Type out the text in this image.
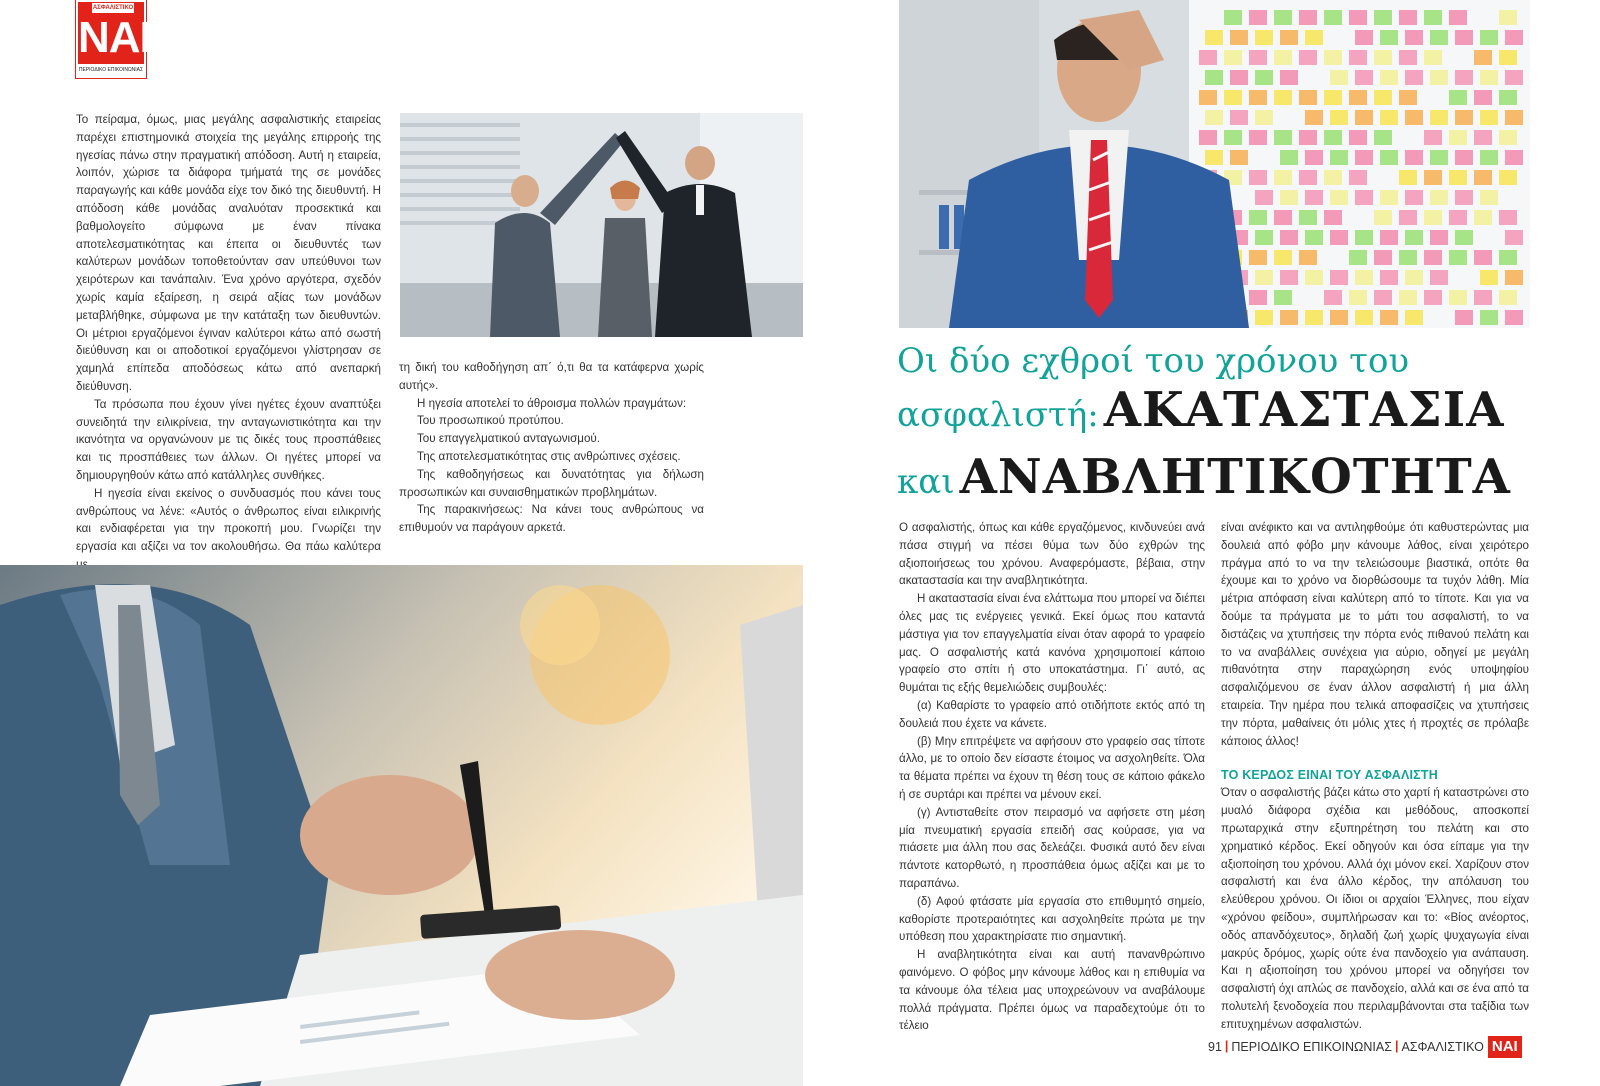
ΑΣΦΑΛΙΣΤΙΚΟ
ΝΑΙ
ΠΕΡΙΟΔΙΚΟ ΕΠΙΚΟΙΝΩΝΙΑΣ

Το πείραμα, όμως, μιας μεγάλης ασφαλιστικής εταιρείας παρέχει επιστημονικά στοιχεία της μεγάλης επιρροής της ηγεσίας πάνω στην πραγματική απόδοση. Αυτή η εταιρεία, λοιπόν, χώρισε τα διάφορα τμήματά της σε μονάδες παραγωγής και κάθε μονάδα είχε τον δικό της διευθυντή. Η απόδοση κάθε μονάδας αναλυόταν προσεκτικά και βαθμολογείτο σύμφωνα με έναν πίνακα αποτελεσματικότητας και έπειτα οι διευθυντές των καλύτερων μονάδων τοποθετούνταν σαν υπεύθυνοι των χειρότερων και τανάπαλιν. Ένα χρόνο αργότερα, σχεδόν χωρίς καμία εξαίρεση, η σειρά αξίας των μονάδων μεταβλήθηκε, σύμφωνα με την κατάταξη των διευθυντών. Οι μέτριοι εργαζόμενοι έγιναν καλύτεροι κάτω από σωστή διεύθυνση και οι αποδοτικοί εργαζόμενοι γλίστρησαν σε χαμηλά επίπεδα αποδόσεως κάτω από ανεπαρκή διεύθυνση.

Τα πρόσωπα που έχουν γίνει ηγέτες έχουν αναπτύξει συνειδητά την ειλικρίνεια, την ανταγωνιστικότητα και την ικανότητα να οργανώνουν με τις δικές τους προσπάθειες και τις προσπάθειες των άλλων. Οι ηγέτες μπορεί να δημιουργηθούν κάτω από κατάλληλες συνθήκες.

Η ηγεσία είναι εκείνος ο συνδυασμός που κάνει τους ανθρώπους να λένε: «Αυτός ο άνθρωπος είναι ειλικρινής και ενδιαφέρεται για την προκοπή μου. Γνωρίζει την εργασία και αξίζει να τον ακολουθήσω. Θα πάω καλύτερα

τη δική του καθοδήγηση απ΄ ό,τι θα τα κατάφερνα χωρίς αυτής».

Η ηγεσία αποτελεί το άθροισμα πολλών πραγμάτων:

Του προσωπικού προτύπου.

Του επαγγελματικού ανταγωνισμού.

Της αποτελεσματικότητας στις ανθρώπινες σχέσεις.

Της καθοδηγήσεως και δυνατότητας για δήλωση προσωπικών και συναισθηματικών προβλημάτων.

Της παρακινήσεως: Να κάνει τους ανθρώπους να επιθυμούν να παράγουν αρκετά.

Οι δύο εχθροί του χρόνου του
ασφαλιστή: ΑΚΑΤΑΣΤΑΣΙΑ
και ΑΝΑΒΛΗΤΙΚΟΤΗΤΑ

Ο ασφαλιστής, όπως και κάθε εργαζόμενος, κινδυνεύει ανά πάσα στιγμή να πέσει θύμα των δύο εχθρών της αξιοποιήσεως του χρόνου. Αναφερόμαστε, βέβαια, στην ακαταστασία και την αναβλητικότητα.

Η ακαταστασία είναι ένα ελάττωμα που μπορεί να διέπει όλες μας τις ενέργειες γενικά. Εκεί όμως που καταντά μάστιγα για τον επαγγελματία είναι όταν αφορά το γραφείο μας. Ο ασφαλιστής κατά κανόνα χρησιμοποιεί κάποιο γραφείο στο σπίτι ή στο υποκατάστημα. Γι΄ αυτό, ας θυμάται τις εξής θεμελιώδεις συμβουλές:

(α) Καθαρίστε το γραφείο από οτιδήποτε εκτός από τη δουλειά που έχετε να κάνετε.

(β) Μην επιτρέψετε να αφήσουν στο γραφείο σας τίποτε άλλο, με το οποίο δεν είσαστε έτοιμος να ασχοληθείτε. Όλα τα θέματα πρέπει να έχουν τη θέση τους σε κάποιο φάκελο ή σε συρτάρι και πρέπει να μένουν εκεί.

(γ) Αντισταθείτε στον πειρασμό να αφήσετε στη μέση μία πνευματική εργασία επειδή σας κούρασε, για να πιάσετε μια άλλη που σας δελεάζει. Φυσικά αυτό δεν είναι πάντοτε κατορθωτό, η προσπάθεια όμως αξίζει και με το παραπάνω.

(δ) Αφού φτάσατε μία εργασία στο επιθυμητό σημείο, καθορίστε προτεραιότητες και ασχοληθείτε πρώτα με την υπόθεση που χαρακτηρίσατε πιο σημαντική.

Η αναβλητικότητα είναι και αυτή πανανθρώπινο φαινόμενο. Ο φόβος μην κάνουμε λάθος και η επιθυμία να τα κάνουμε όλα τέλεια μας υποχρεώνουν να αναβάλουμε πολλά πράγματα. Πρέπει όμως να παραδεχτούμε ότι το τέλειο

είναι ανέφικτο και να αντιληφθούμε ότι καθυστερώντας μια δουλειά από φόβο μην κάνουμε λάθος, είναι χειρότερο πράγμα από το να την τελειώσουμε βιαστικά, οπότε θα έχουμε και το χρόνο να διορθώσουμε τα τυχόν λάθη. Μία μέτρια απόφαση είναι καλύτερη από το τίποτε. Και για να δούμε τα πράγματα με το μάτι του ασφαλιστή, το να διστάζεις να χτυπήσεις την πόρτα ενός πιθανού πελάτη και το να αναβάλλεις συνέχεια για αύριο, οδηγεί με μεγάλη πιθανότητα στην παραχώρηση ενός υποψηφίου ασφαλιζόμενου σε έναν άλλον ασφαλιστή ή μια άλλη εταιρεία. Την ημέρα που τελικά αποφασίζεις να χτυπήσεις την πόρτα, μαθαίνεις ότι μόλις χτες ή προχτές σε πρόλαβε κάποιος άλλος!

ΤΟ ΚΕΡΔΟΣ ΕΙΝΑΙ ΤΟΥ ΑΣΦΑΛΙΣΤΗ

Όταν ο ασφαλιστής βάζει κάτω στο χαρτί ή καταστρώνει στο μυαλό διάφορα σχέδια και μεθόδους, αποσκοπεί πρωταρχικά στην εξυπηρέτηση του πελάτη και στο χρηματικό κέρδος. Εκεί οδηγούν και όσα είπαμε για την αξιοποίηση του χρόνου. Αλλά όχι μόνον εκεί. Χαρίζουν στον ασφαλιστή και ένα άλλο κέρδος, την απόλαυση του ελεύθερου χρόνου. Οι ίδιοι οι αρχαίοι Έλληνες, που είχαν «χρόνου φείδου», συμπλήρωσαν και το: «Βίος ανέορτος, οδός απανδόχευτος», δηλαδή ζωή χωρίς ψυχαγωγία είναι μακρύς δρόμος, χωρίς ούτε ένα πανδοχείο για ανάπαυση. Και η αξιοποίηση του χρόνου μπορεί να οδηγήσει τον ασφαλιστή όχι απλώς σε πανδοχείο, αλλά και σε ένα από τα πολυτελή ξενοδοχεία που περιλαμβάνονται στα ταξίδια των επιτυχημένων ασφαλιστών.

91 | ΠΕΡΙΟΔΙΚΟ ΕΠΙΚΟΙΝΩΝΙΑΣ | ΑΣΦΑΛΙΣΤΙΚΟ ΝΑΙ
